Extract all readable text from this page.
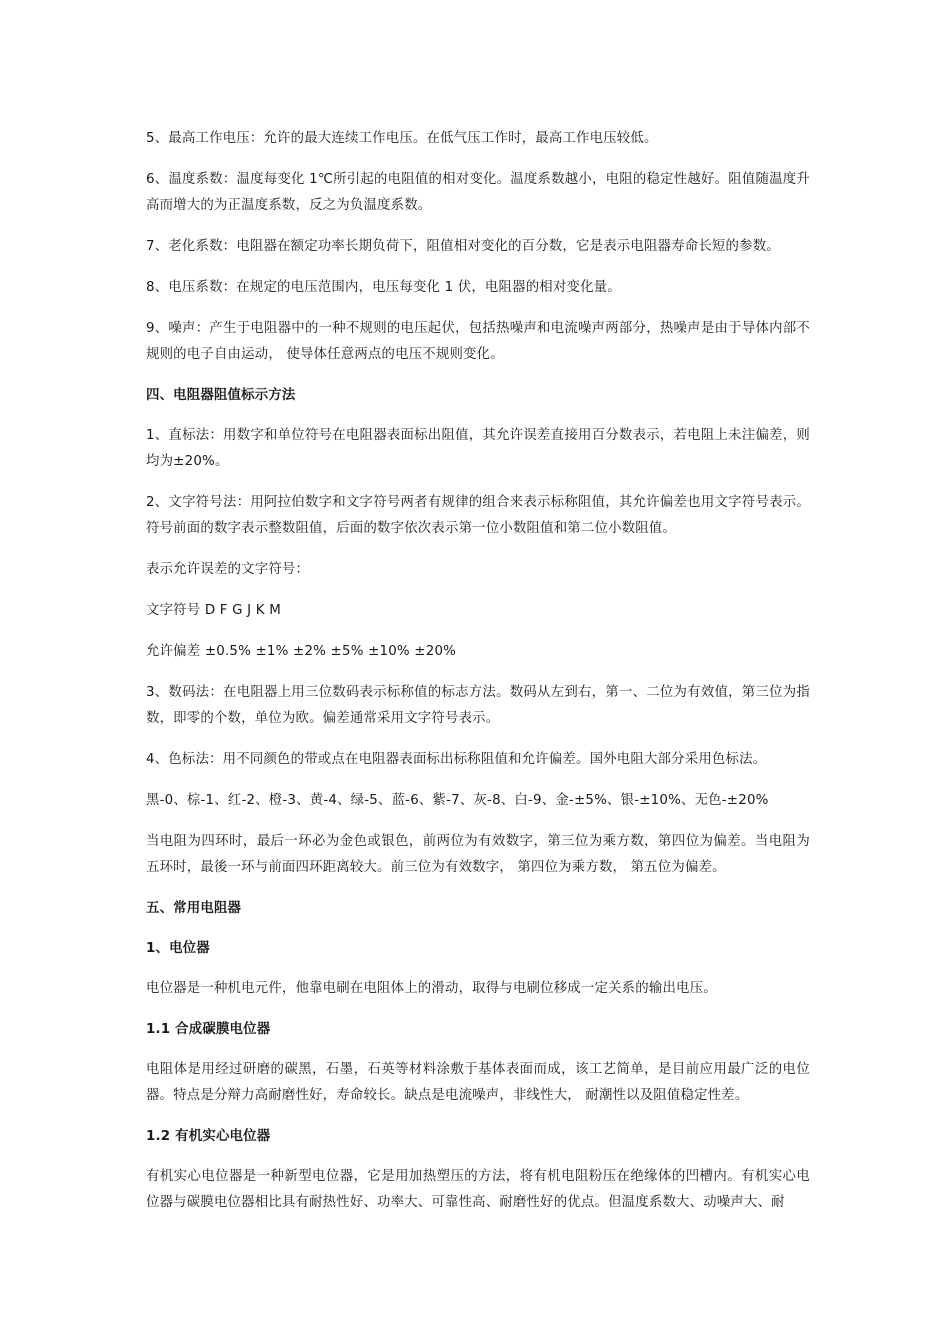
5、最高工作电压：允许的最大连续工作电压。在低气压工作时，最高工作电压较低。

6、温度系数：温度每变化 1℃所引起的电阻值的相对变化。温度系数越小，电阻的稳定性越好。阻值随温度升高而增大的为正温度系数，反之为负温度系数。

7、老化系数：电阻器在额定功率长期负荷下，阻值相对变化的百分数，它是表示电阻器寿命长短的参数。

8、电压系数：在规定的电压范围内，电压每变化 1 伏，电阻器的相对变化量。

9、噪声：产生于电阻器中的一种不规则的电压起伏，包括热噪声和电流噪声两部分，热噪声是由于导体内部不规则的电子自由运动， 使导体任意两点的电压不规则变化。

四、电阻器阻值标示方法

1、直标法：用数字和单位符号在电阻器表面标出阻值，其允许误差直接用百分数表示，若电阻上未注偏差，则均为±20%。

2、文字符号法：用阿拉伯数字和文字符号两者有规律的组合来表示标称阻值，其允许偏差也用文字符号表示。符号前面的数字表示整数阻值，后面的数字依次表示第一位小数阻值和第二位小数阻值。

表示允许误差的文字符号：

文字符号 D F G J K M

允许偏差 ±0.5% ±1% ±2% ±5% ±10% ±20%

3、数码法：在电阻器上用三位数码表示标称值的标志方法。数码从左到右，第一、二位为有效值，第三位为指数，即零的个数，单位为欧。偏差通常采用文字符号表示。

4、色标法：用不同颜色的带或点在电阻器表面标出标称阻值和允许偏差。国外电阻大部分采用色标法。

黑-0、棕-1、红-2、橙-3、黄-4、绿-5、蓝-6、紫-7、灰-8、白-9、金-±5%、银-±10%、无色-±20%

当电阻为四环时，最后一环必为金色或银色，前两位为有效数字，第三位为乘方数，第四位为偏差。当电阻为五环时，最後一环与前面四环距离较大。前三位为有效数字， 第四位为乘方数， 第五位为偏差。

五、常用电阻器

1、电位器

电位器是一种机电元件，他靠电刷在电阻体上的滑动，取得与电刷位移成一定关系的输出电压。

1.1 合成碳膜电位器

电阻体是用经过研磨的碳黑，石墨，石英等材料涂敷于基体表面而成，该工艺简单，是目前应用最广泛的电位器。特点是分辩力高耐磨性好，寿命较长。缺点是电流噪声，非线性大， 耐潮性以及阻值稳定性差。

1.2 有机实心电位器

有机实心电位器是一种新型电位器，它是用加热塑压的方法，将有机电阻粉压在绝缘体的凹槽内。有机实心电位器与碳膜电位器相比具有耐热性好、功率大、可靠性高、耐磨性好的优点。但温度系数大、动噪声大、耐
